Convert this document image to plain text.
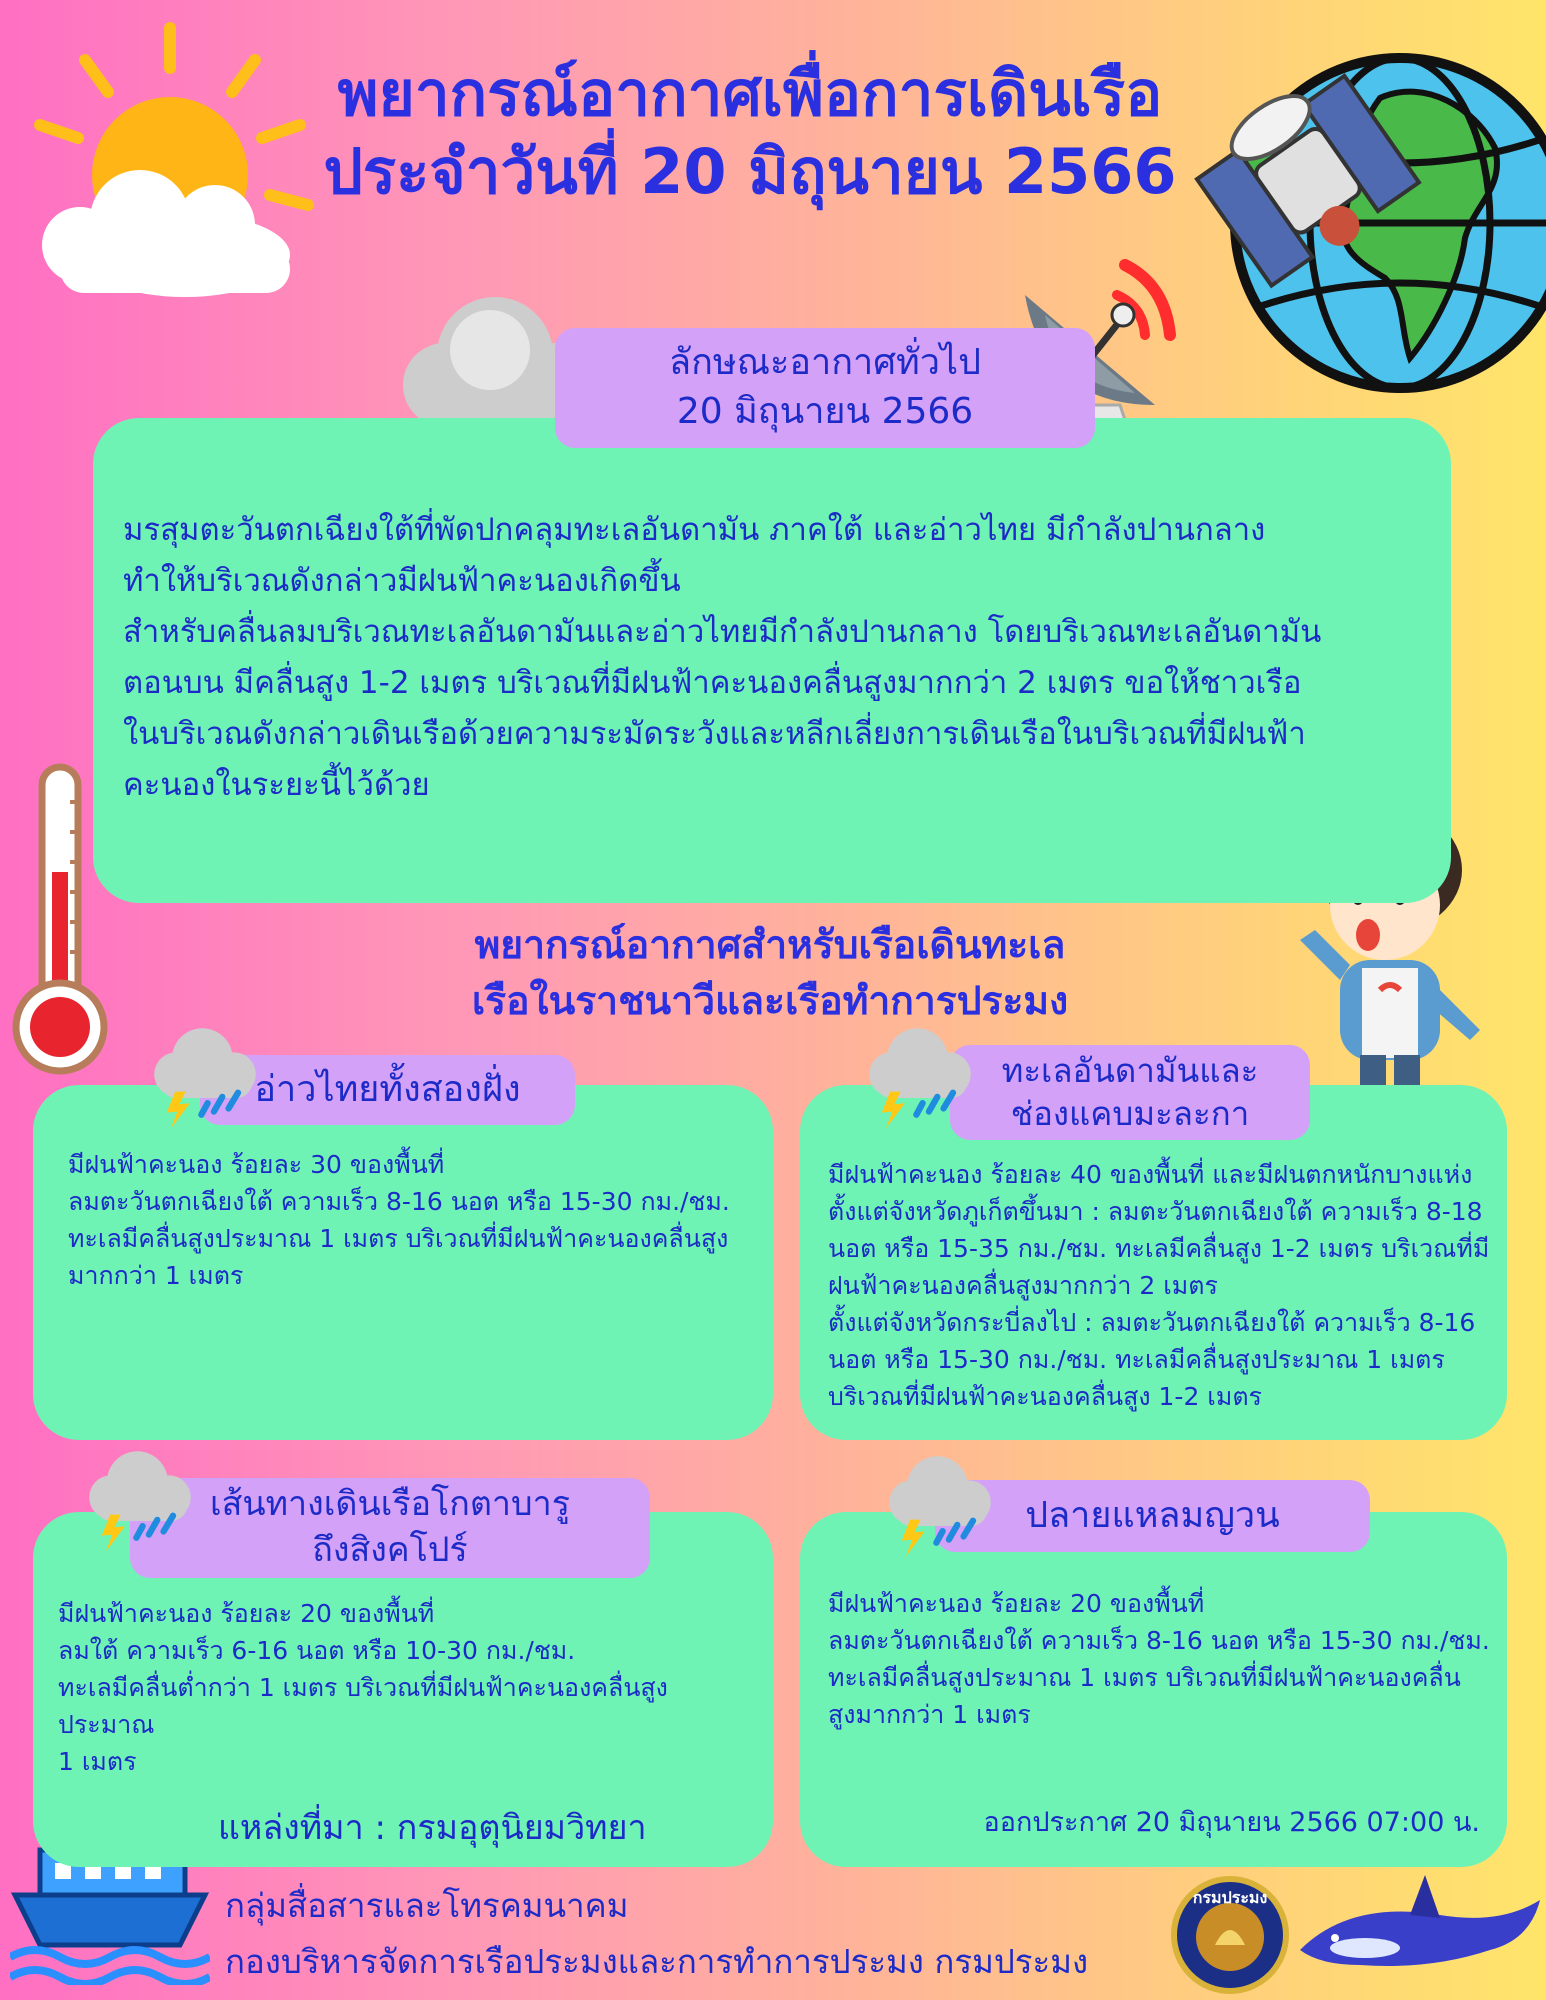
กรมประมง
พยากรณ์อากาศเพื่อการเดินเรือ
ประจำวันที่ 20 มิถุนายน 2566
ลักษณะอากาศทั่วไป
20 มิถุนายน 2566

มรสุมตะวันตกเฉียงใต้ที่พัดปกคลุมทะเลอันดามัน ภาคใต้ และอ่าวไทย มีกำลังปานกลาง

ทำให้บริเวณดังกล่าวมีฝนฟ้าคะนองเกิดขึ้น

สำหรับคลื่นลมบริเวณทะเลอันดามันและอ่าวไทยมีกำลังปานกลาง โดยบริเวณทะเลอันดามัน

ตอนบน มีคลื่นสูง 1-2 เมตร บริเวณที่มีฝนฟ้าคะนองคลื่นสูงมากกว่า 2 เมตร ขอให้ชาวเรือ

ในบริเวณดังกล่าวเดินเรือด้วยความระมัดระวังและหลีกเลี่ยงการเดินเรือในบริเวณที่มีฝนฟ้า

คะนองในระยะนี้ไว้ด้วย

พยากรณ์อากาศสำหรับเรือเดินทะเล
เรือในราชนาวีและเรือทำการประมง
อ่าวไทยทั้งสองฝั่ง

มีฝนฟ้าคะนอง ร้อยละ 30 ของพื้นที่

ลมตะวันตกเฉียงใต้ ความเร็ว 8-16 นอต หรือ 15-30 กม./ชม.

ทะเลมีคลื่นสูงประมาณ 1 เมตร บริเวณที่มีฝนฟ้าคะนองคลื่นสูง

มากกว่า 1 เมตร

ทะเลอันดามันและ
ช่องแคบมะละกา

มีฝนฟ้าคะนอง ร้อยละ 40 ของพื้นที่ และมีฝนตกหนักบางแห่ง

ตั้งแต่จังหวัดภูเก็ตขึ้นมา : ลมตะวันตกเฉียงใต้ ความเร็ว 8-18

นอต หรือ 15-35 กม./ชม. ทะเลมีคลื่นสูง 1-2 เมตร บริเวณที่มี

ฝนฟ้าคะนองคลื่นสูงมากกว่า 2 เมตร

ตั้งแต่จังหวัดกระบี่ลงไป : ลมตะวันตกเฉียงใต้ ความเร็ว 8-16

นอต หรือ 15-30 กม./ชม. ทะเลมีคลื่นสูงประมาณ 1 เมตร

บริเวณที่มีฝนฟ้าคะนองคลื่นสูง 1-2 เมตร

เส้นทางเดินเรือโกตาบารู
ถึงสิงคโปร์

มีฝนฟ้าคะนอง ร้อยละ 20 ของพื้นที่

ลมใต้ ความเร็ว 6-16 นอต หรือ 10-30 กม./ชม.

ทะเลมีคลื่นต่ำกว่า 1 เมตร บริเวณที่มีฝนฟ้าคะนองคลื่นสูงประมาณ

1 เมตร

แหล่งที่มา : กรมอุตุนิยมวิทยา
ปลายแหลมญวน

มีฝนฟ้าคะนอง ร้อยละ 20 ของพื้นที่

ลมตะวันตกเฉียงใต้ ความเร็ว 8-16 นอต หรือ 15-30 กม./ชม.

ทะเลมีคลื่นสูงประมาณ 1 เมตร บริเวณที่มีฝนฟ้าคะนองคลื่น

สูงมากกว่า 1 เมตร

ออกประกาศ 20 มิถุนายน 2566 07:00 น.
กลุ่มสื่อสารและโทรคมนาคม
กองบริหารจัดการเรือประมงและการทำการประมง กรมประมง
